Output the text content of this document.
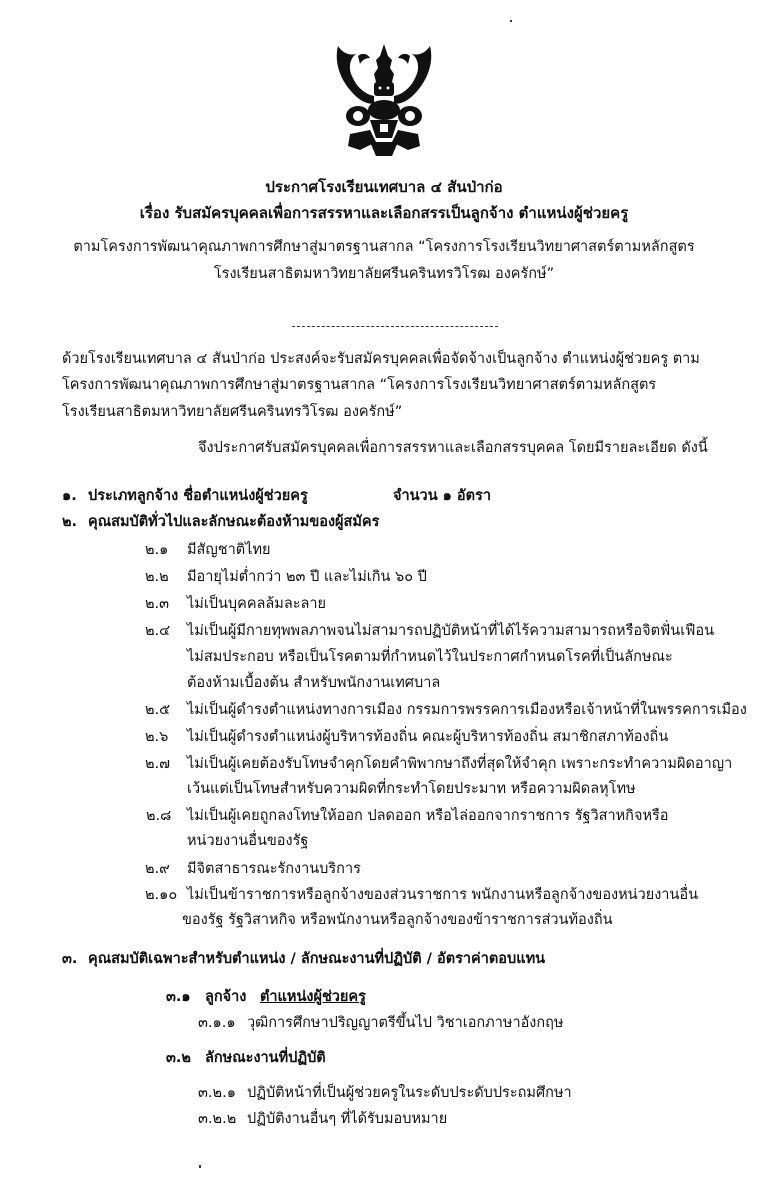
ประกาศโรงเรียนเทศบาล ๔ สันป่าก่อ
เรื่อง รับสมัครบุคคลเพื่อการสรรหาและเลือกสรรเป็นลูกจ้าง ตำแหน่งผู้ช่วยครู
ตามโครงการพัฒนาคุณภาพการศึกษาสู่มาตรฐานสากล “โครงการโรงเรียนวิทยาศาสตร์ตามหลักสูตร
โรงเรียนสาธิตมหาวิทยาลัยศรีนครินทรวิโรฒ องครักษ์”
ด้วยโรงเรียนเทศบาล ๔ สันป่าก่อ ประสงค์จะรับสมัครบุคคลเพื่อจัดจ้างเป็นลูกจ้าง ตำแหน่งผู้ช่วยครู ตาม
โครงการพัฒนาคุณภาพการศึกษาสู่มาตรฐานสากล “โครงการโรงเรียนวิทยาศาสตร์ตามหลักสูตร
โรงเรียนสาธิตมหาวิทยาลัยศรีนครินทรวิโรฒ องครักษ์”
จึงประกาศรับสมัครบุคคลเพื่อการสรรหาและเลือกสรรบุคคล โดยมีรายละเอียด ดังนี้
๑. ประเภทลูกจ้าง ชื่อตำแหน่งผู้ช่วยครู	จำนวน ๑ อัตรา
๒. คุณสมบัติทั่วไปและลักษณะต้องห้ามของผู้สมัคร
๒.๑ มีสัญชาติไทย
๒.๒ มีอายุไม่ต่ำกว่า ๒๓ ปี และไม่เกิน ๖๐ ปี
๒.๓ ไม่เป็นบุคคลล้มละลาย
๒.๔ ไม่เป็นผู้มีกายทุพพลภาพจนไม่สามารถปฏิบัติหน้าที่ได้ไร้ความสามารถหรือจิตฟั่นเฟือน
ไม่สมประกอบ หรือเป็นโรคตามที่กำหนดไว้ในประกาศกำหนดโรคที่เป็นลักษณะ
ต้องห้ามเบื้องต้น สำหรับพนักงานเทศบาล
๒.๕ ไม่เป็นผู้ดำรงตำแหน่งทางการเมือง กรรมการพรรคการเมืองหรือเจ้าหน้าที่ในพรรคการเมือง
๒.๖ ไม่เป็นผู้ดำรงตำแหน่งผู้บริหารท้องถิ่น คณะผู้บริหารท้องถิ่น สมาชิกสภาท้องถิ่น
๒.๗ ไม่เป็นผู้เคยต้องรับโทษจำคุกโดยคำพิพากษาถึงที่สุดให้จำคุก เพราะกระทำความผิดอาญา
เว้นแต่เป็นโทษสำหรับความผิดที่กระทำโดยประมาท หรือความผิดลหุโทษ
๒.๘ ไม่เป็นผู้เคยถูกลงโทษให้ออก ปลดออก หรือไล่ออกจากราชการ รัฐวิสาหกิจหรือ
หน่วยงานอื่นของรัฐ
๒.๙ มีจิตสาธารณะรักงานบริการ
๒.๑๐ ไม่เป็นข้าราชการหรือลูกจ้างของส่วนราชการ พนักงานหรือลูกจ้างของหน่วยงานอื่น
ของรัฐ รัฐวิสาหกิจ หรือพนักงานหรือลูกจ้างของข้าราชการส่วนท้องถิ่น
๓. คุณสมบัติเฉพาะสำหรับตำแหน่ง / ลักษณะงานที่ปฏิบัติ / อัตราค่าตอบแทน
๓.๑ ลูกจ้าง ตำแหน่งผู้ช่วยครู
๓.๑.๑ วุฒิการศึกษาปริญญาตรีขึ้นไป วิชาเอกภาษาอังกฤษ
๓.๒ ลักษณะงานที่ปฏิบัติ
๓.๒.๑ ปฏิบัติหน้าที่เป็นผู้ช่วยครูในระดับประดับประถมศึกษา
๓.๒.๒ ปฏิบัติงานอื่นๆ ที่ได้รับมอบหมาย
